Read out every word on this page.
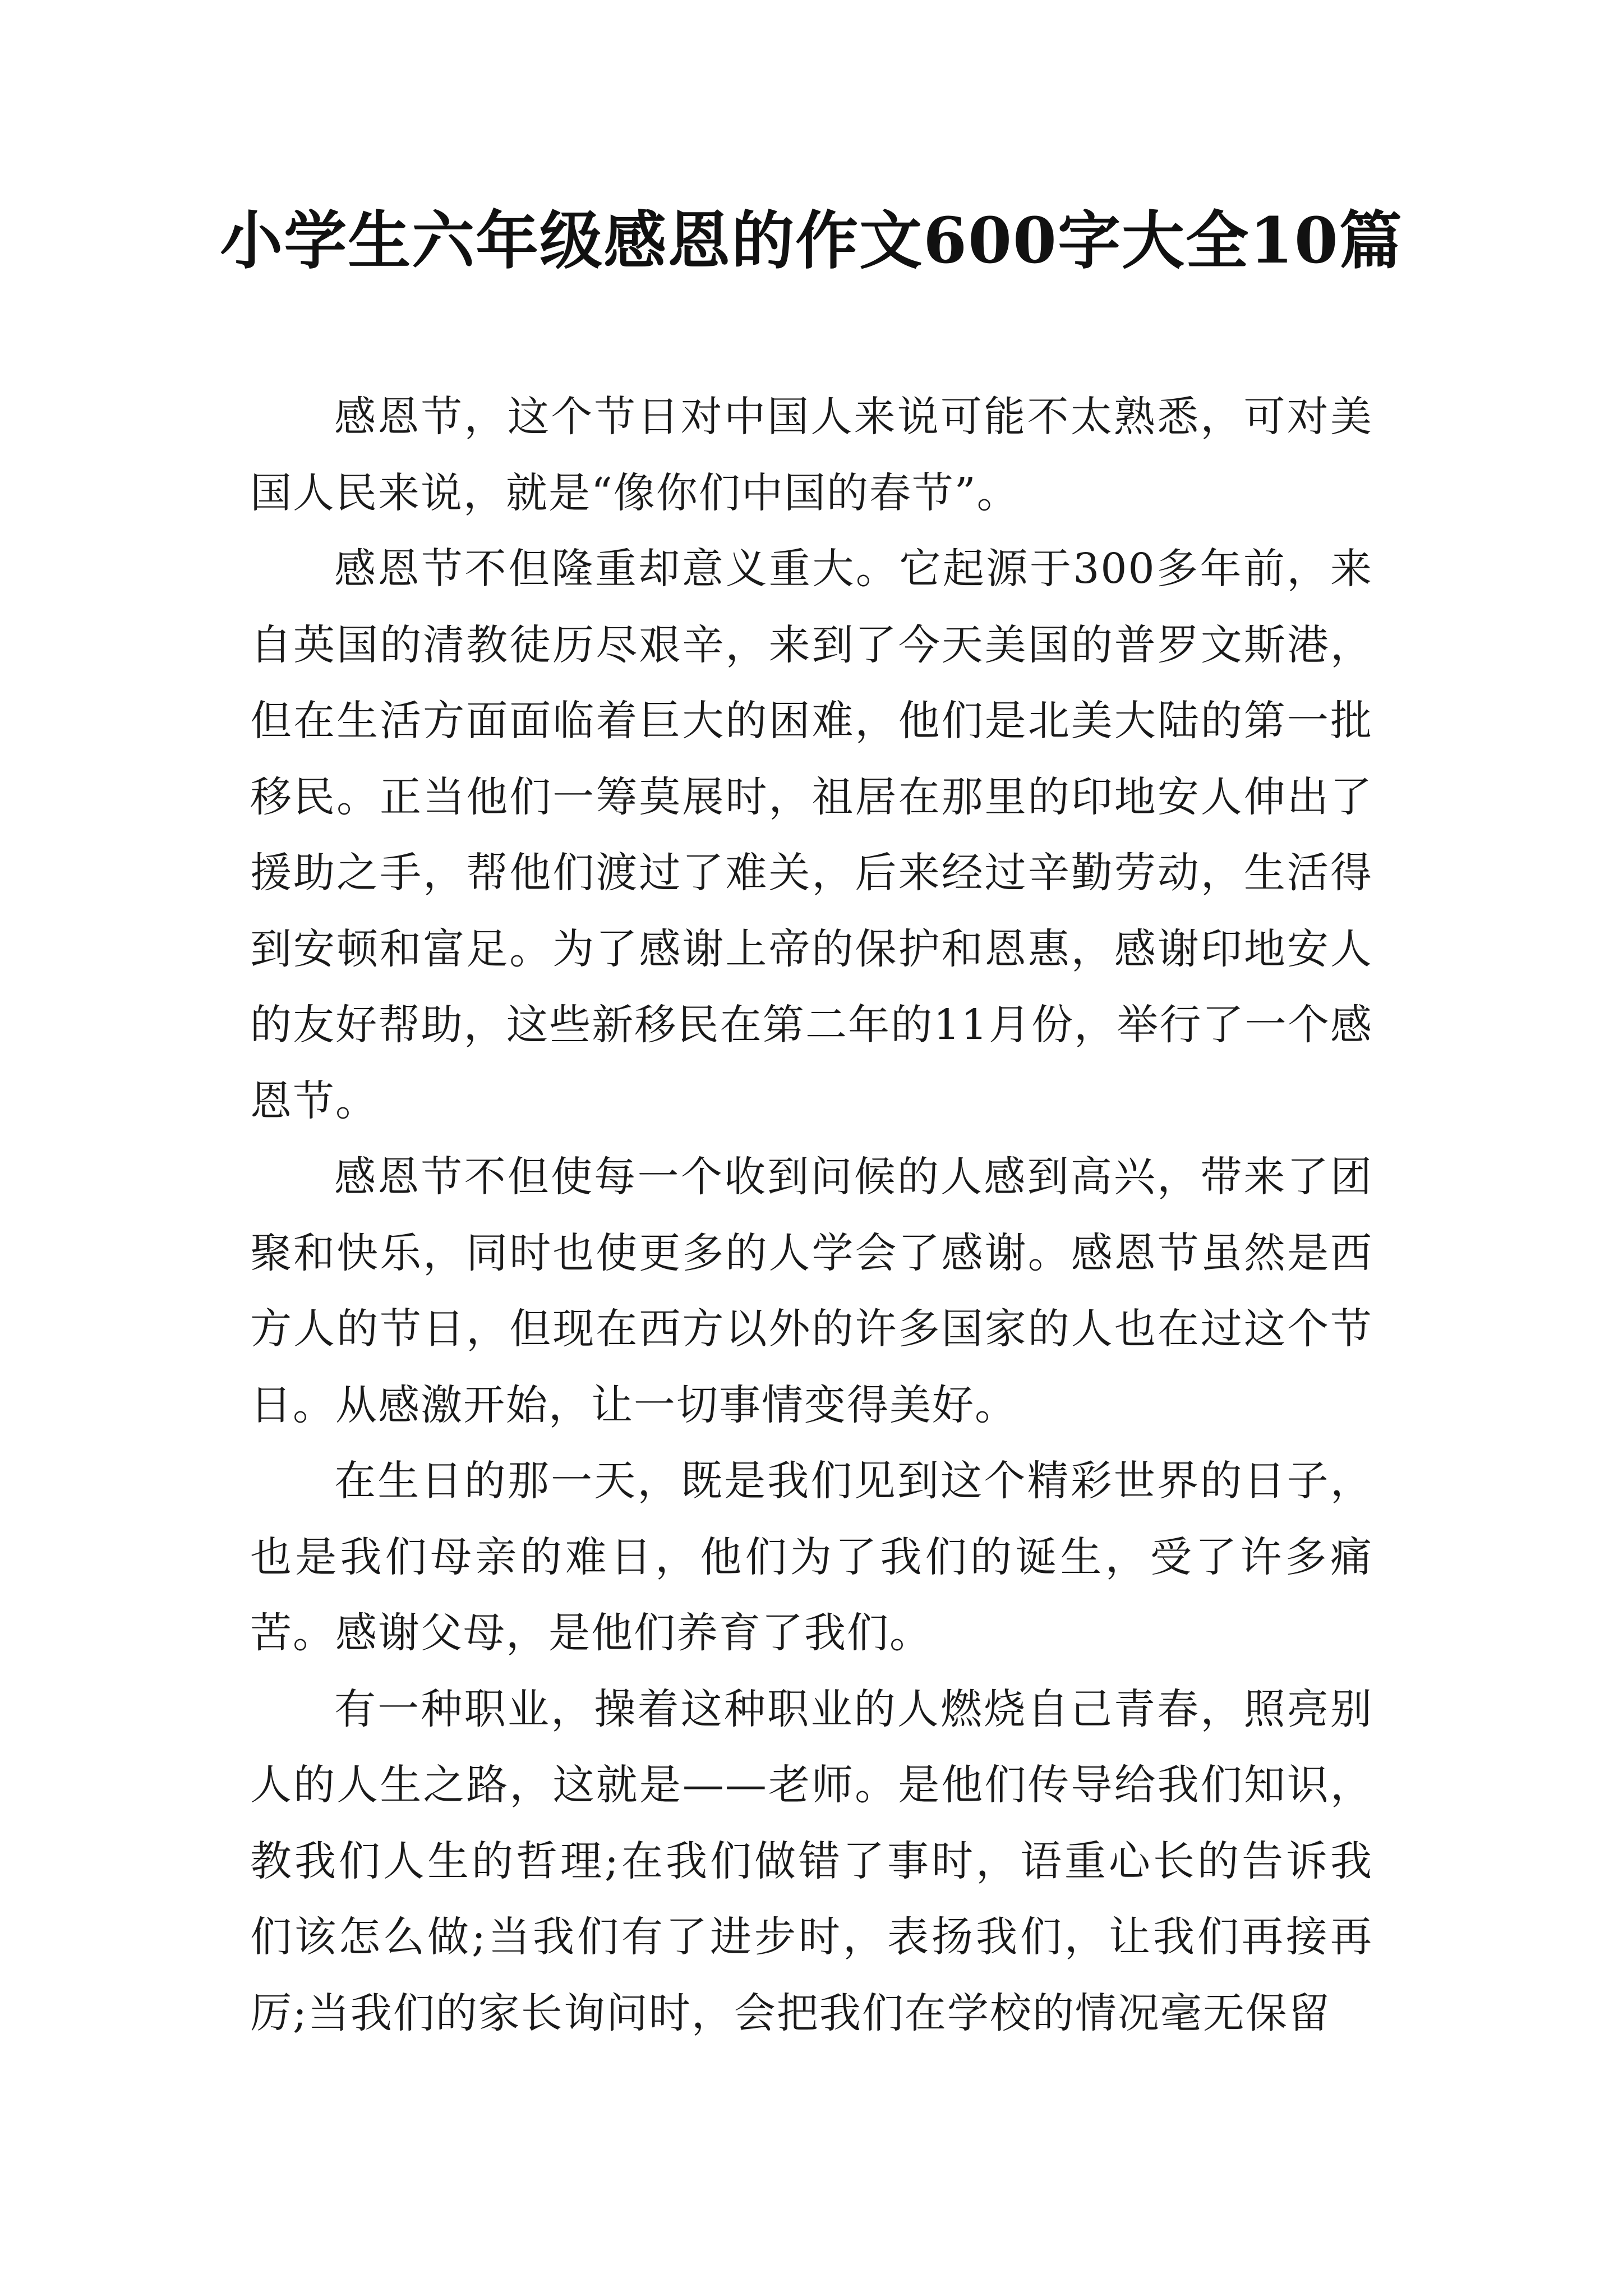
小学生六年级感恩的作文600字大全10篇

感恩节，这个节日对中国人来说可能不太熟悉，可对美国人民来说，就是“像你们中国的春节”。

感恩节不但隆重却意义重大。它起源于300多年前，来自英国的清教徒历尽艰辛，来到了今天美国的普罗文斯港，但在生活方面面临着巨大的困难，他们是北美大陆的第一批移民。正当他们一筹莫展时，祖居在那里的印地安人伸出了援助之手，帮他们渡过了难关，后来经过辛勤劳动，生活得到安顿和富足。为了感谢上帝的保护和恩惠，感谢印地安人的友好帮助，这些新移民在第二年的11月份，举行了一个感恩节。

感恩节不但使每一个收到问候的人感到高兴，带来了团聚和快乐，同时也使更多的人学会了感谢。感恩节虽然是西方人的节日，但现在西方以外的许多国家的人也在过这个节日。从感激开始，让一切事情变得美好。

在生日的那一天，既是我们见到这个精彩世界的日子，也是我们母亲的难日，他们为了我们的诞生，受了许多痛苦。感谢父母，是他们养育了我们。

有一种职业，操着这种职业的人燃烧自己青春，照亮别人的人生之路，这就是——老师。是他们传导给我们知识，教我们人生的哲理;在我们做错了事时，语重心长的告诉我们该怎么做;当我们有了进步时，表扬我们，让我们再接再厉;当我们的家长询问时，会把我们在学校的情况毫无保留
